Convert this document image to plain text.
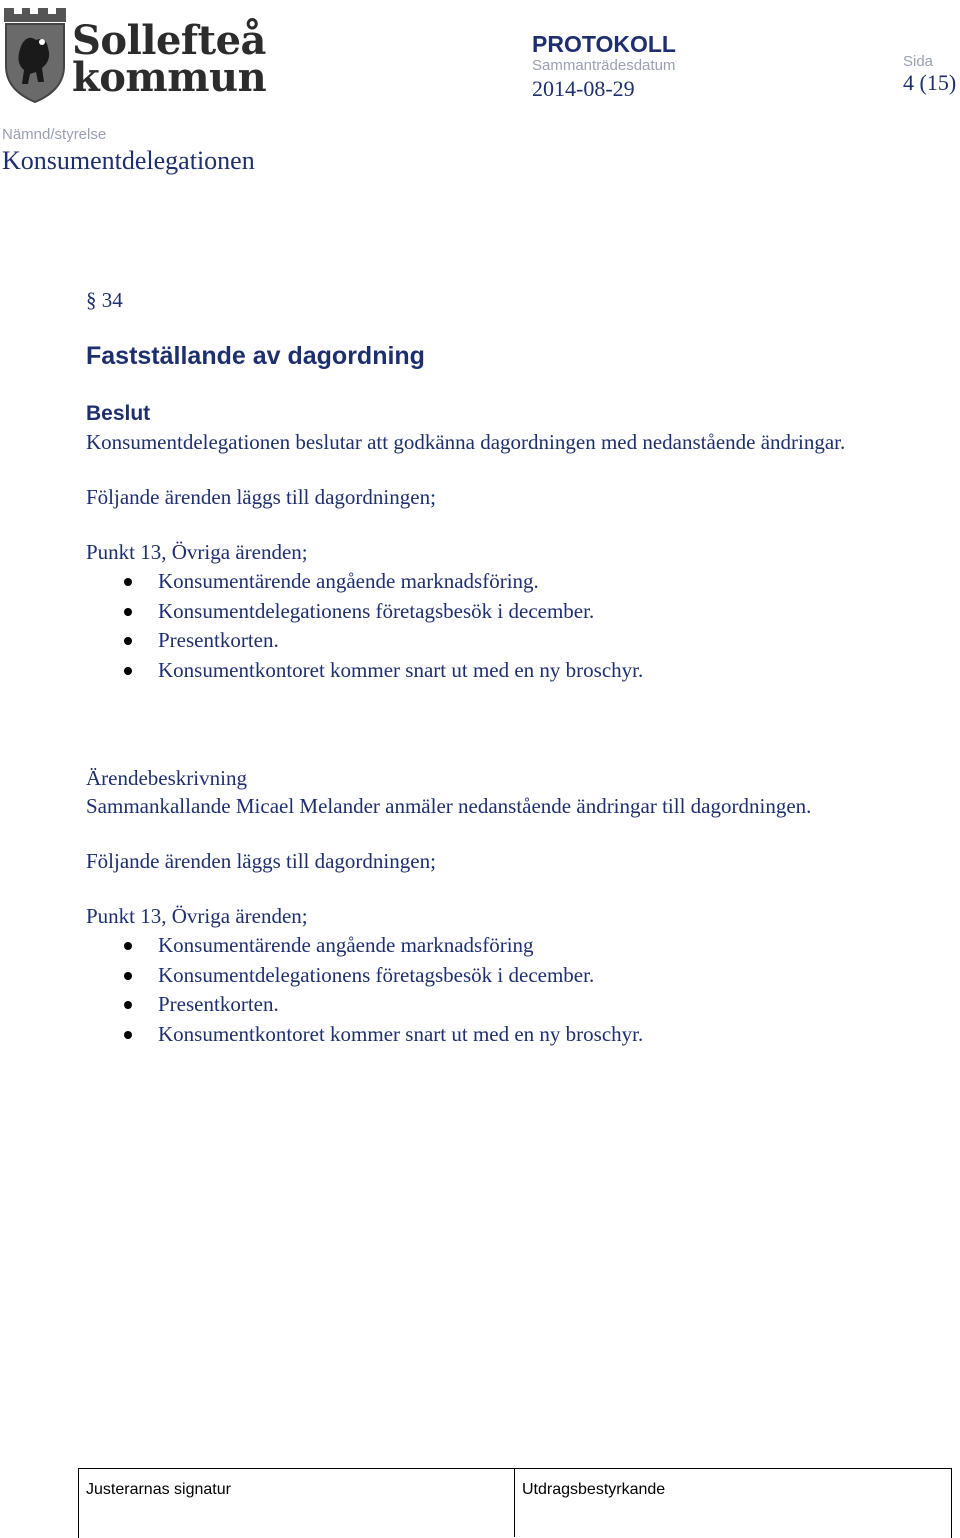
Sollefteå
kommun
PROTOKOLL
Sammanträdesdatum
2014-08-29
Sida
4 (15)
Nämnd/styrelse
Konsumentdelegationen
§ 34
Fastställande av dagordning
Beslut
Konsumentdelegationen beslutar att godkänna dagordningen med nedanstående ändringar.
Följande ärenden läggs till dagordningen;
Punkt 13, Övriga ärenden;
Konsumentärende angående marknadsföring.
Konsumentdelegationens företagsbesök i december.
Presentkorten.
Konsumentkontoret kommer snart ut med en ny broschyr.
Ärendebeskrivning
Sammankallande Micael Melander anmäler nedanstående ändringar till dagordningen.
Följande ärenden läggs till dagordningen;
Punkt 13, Övriga ärenden;
Konsumentärende angående marknadsföring
Konsumentdelegationens företagsbesök i december.
Presentkorten.
Konsumentkontoret kommer snart ut med en ny broschyr.
Justerarnas signatur	Utdragsbestyrkande
